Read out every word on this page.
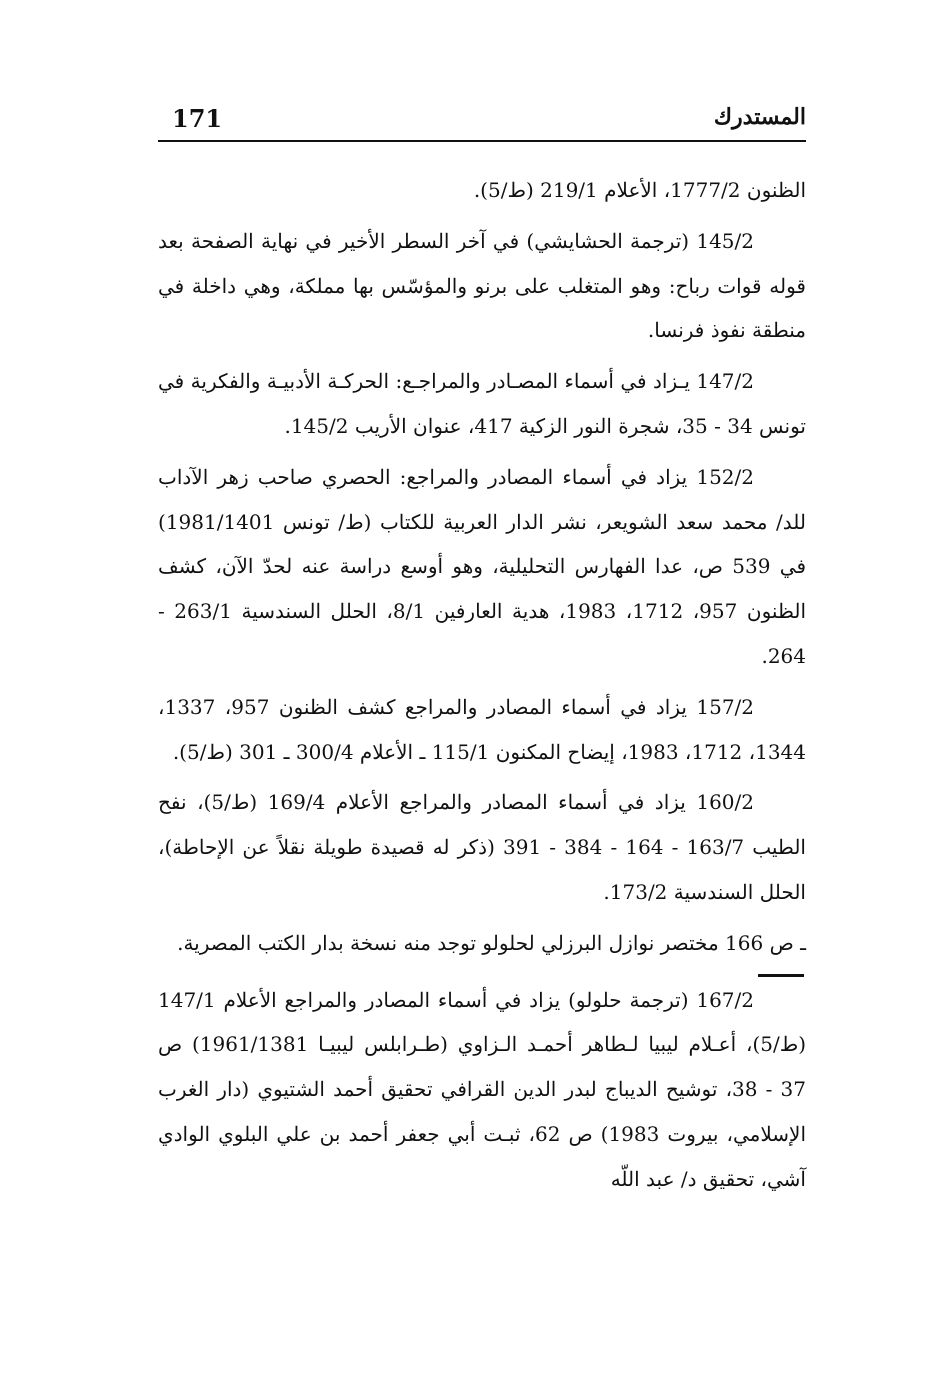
171	المستدرك

الظنون 1777/2، الأعلام 219/1 (ط/5).

145/2 (ترجمة الحشايشي) في آخر السطر الأخير في نهاية الصفحة بعد قوله قوات رباح: وهو المتغلب على برنو والمؤسّس بها مملكة، وهي داخلة في منطقة نفوذ فرنسا.

147/2 يـزاد في أسماء المصـادر والمراجـع: الحركـة الأدبيـة والفكرية في تونس 34 - 35، شجرة النور الزكية 417، عنوان الأريب 145/2.

152/2 يزاد في أسماء المصادر والمراجع: الحصري صاحب زهر الآداب للد/ محمد سعد الشويعر، نشر الدار العربية للكتاب (ط/ تونس 1981/1401) في 539 ص، عدا الفهارس التحليلية، وهو أوسع دراسة عنه لحدّ الآن، كشف الظنون 957، 1712، 1983، هدية العارفين 8/1، الحلل السندسية 263/1 - 264.

157/2 يزاد في أسماء المصادر والمراجع كشف الظنون 957، 1337، 1344، 1712، 1983، إيضاح المكنون 115/1 ـ الأعلام 300/4 ـ 301 (ط/5).

160/2 يزاد في أسماء المصادر والمراجع الأعلام 169/4 (ط/5)، نفح الطيب 163/7 - 164 - 384 - 391 (ذكر له قصيدة طويلة نقلاً عن الإحاطة)، الحلل السندسية 173/2.

ـ ص 166 مختصر نوازل البرزلي لحلولو توجد منه نسخة بدار الكتب المصرية.

167/2 (ترجمة حلولو) يزاد في أسماء المصادر والمراجع الأعلام 147/1 (ط/5)، أعـلام ليبيا لـطاهر أحمـد الـزاوي (طـرابلس ليبيـا 1961/1381) ص 37 - 38، توشيح الديباج لبدر الدين القرافي تحقيق أحمد الشتيوي (دار الغرب الإسلامي، بيروت 1983) ص 62، ثبـت أبي جعفر أحمد بن علي البلوي الوادي آشي، تحقيق د/ عبد اللّه
